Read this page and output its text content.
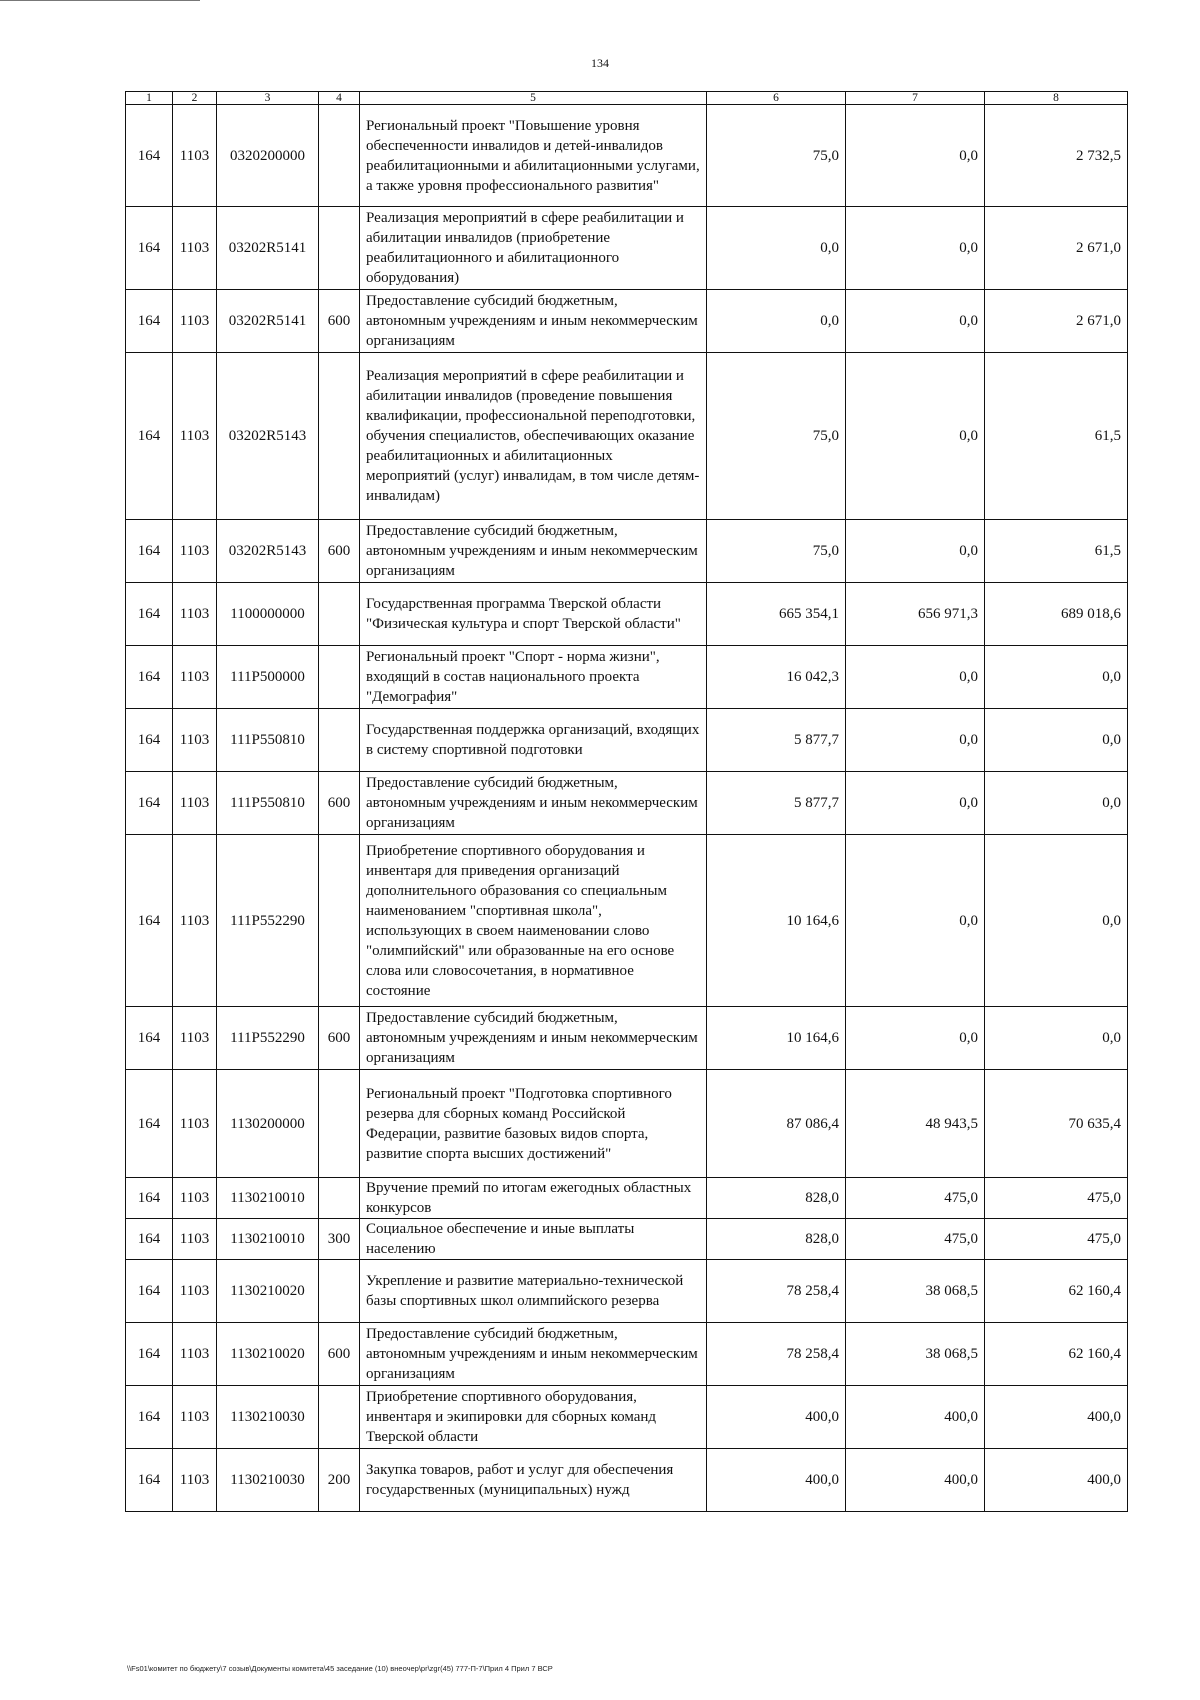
134
1	2	3	4	5	6	7	8
164	1103	0320200000		Региональный проект "Повышение уровня обеспеченности инвалидов и детей-инвалидов реабилитационными и абилитационными услугами, а также уровня профессионального развития"	75,0	0,0	2 732,5
164	1103	03202R5141		Реализация мероприятий в сфере реабилитации и абилитации инвалидов (приобретение реабилитационного и абилитационного оборудования)	0,0	0,0	2 671,0
164	1103	03202R5141	600	Предоставление субсидий бюджетным, автономным учреждениям и иным некоммерческим организациям	0,0	0,0	2 671,0
164	1103	03202R5143		Реализация мероприятий в сфере реабилитации и абилитации инвалидов (проведение повышения квалификации, профессиональной переподготовки, обучения специалистов, обеспечивающих оказание реабилитационных и абилитационных мероприятий (услуг) инвалидам, в том числе детям-инвалидам)	75,0	0,0	61,5
164	1103	03202R5143	600	Предоставление субсидий бюджетным, автономным учреждениям и иным некоммерческим организациям	75,0	0,0	61,5
164	1103	1100000000		Государственная программа Тверской области "Физическая культура и спорт Тверской области"	665 354,1	656 971,3	689 018,6
164	1103	111P500000		Региональный проект "Спорт - норма жизни", входящий в состав национального проекта "Демография"	16 042,3	0,0	0,0
164	1103	111P550810		Государственная поддержка организаций, входящих в систему спортивной подготовки	5 877,7	0,0	0,0
164	1103	111P550810	600	Предоставление субсидий бюджетным, автономным учреждениям и иным некоммерческим организациям	5 877,7	0,0	0,0
164	1103	111P552290		Приобретение спортивного оборудования и инвентаря для приведения организаций дополнительного образования со специальным наименованием "спортивная школа", использующих в своем наименовании слово "олимпийский" или образованные на его основе слова или словосочетания, в нормативное состояние	10 164,6	0,0	0,0
164	1103	111P552290	600	Предоставление субсидий бюджетным, автономным учреждениям и иным некоммерческим организациям	10 164,6	0,0	0,0
164	1103	1130200000		Региональный проект "Подготовка спортивного резерва для сборных команд Российской Федерации, развитие базовых видов спорта, развитие спорта высших достижений"	87 086,4	48 943,5	70 635,4
164	1103	1130210010		Вручение премий по итогам ежегодных областных конкурсов	828,0	475,0	475,0
164	1103	1130210010	300	Социальное обеспечение и иные выплаты населению	828,0	475,0	475,0
164	1103	1130210020		Укрепление и развитие материально-технической базы спортивных школ олимпийского резерва	78 258,4	38 068,5	62 160,4
164	1103	1130210020	600	Предоставление субсидий бюджетным, автономным учреждениям и иным некоммерческим организациям	78 258,4	38 068,5	62 160,4
164	1103	1130210030		Приобретение спортивного оборудования, инвентаря и экипировки для сборных команд Тверской области	400,0	400,0	400,0
164	1103	1130210030	200	Закупка товаров, работ и услуг для обеспечения государственных (муниципальных) нужд	400,0	400,0	400,0
\\Fs01\комитет по бюджету\7 созыв\Документы комитета\45 заседание (10) внеочер\pr\zgr(45) 777-П-7\Прил 4 Прил 7 ВСР
